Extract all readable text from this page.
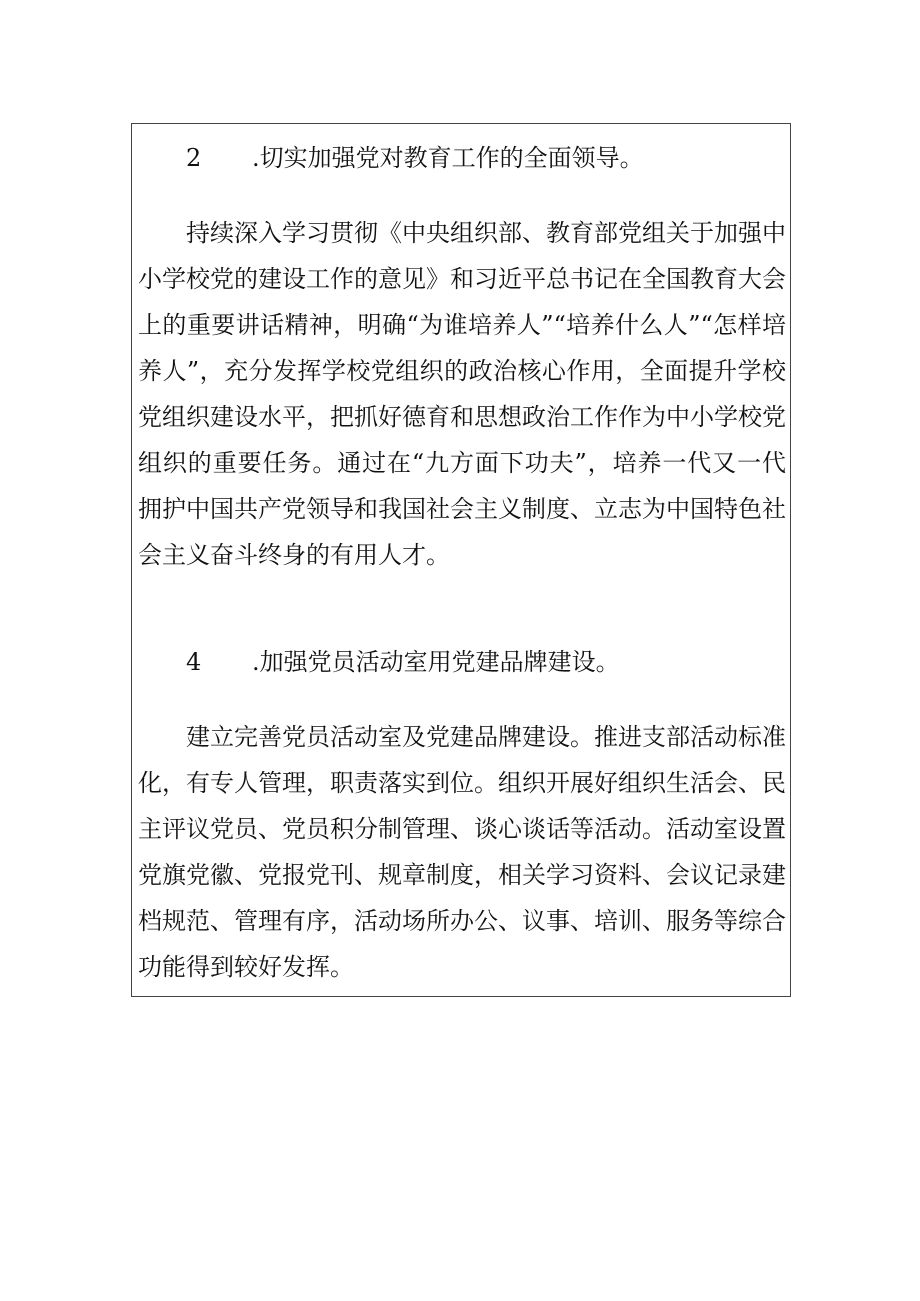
2 .切实加强党对教育工作的全面领导。

持续深入学习贯彻《中央组织部、教育部党组关于加强中小学校党的建设工作的意见》和习近平总书记在全国教育大会上的重要讲话精神，明确“为谁培养人”“培养什么人”“怎样培养人”，充分发挥学校党组织的政治核心作用，全面提升学校党组织建设水平，把抓好德育和思想政治工作作为中小学校党组织的重要任务。通过在“九方面下功夫”，培养一代又一代拥护中国共产党领导和我国社会主义制度、立志为中国特色社会主义奋斗终身的有用人才。

4 .加强党员活动室用党建品牌建设。

建立完善党员活动室及党建品牌建设。推进支部活动标准化，有专人管理，职责落实到位。组织开展好组织生活会、民主评议党员、党员积分制管理、谈心谈话等活动。活动室设置党旗党徽、党报党刊、规章制度，相关学习资料、会议记录建档规范、管理有序，活动场所办公、议事、培训、服务等综合功能得到较好发挥。
